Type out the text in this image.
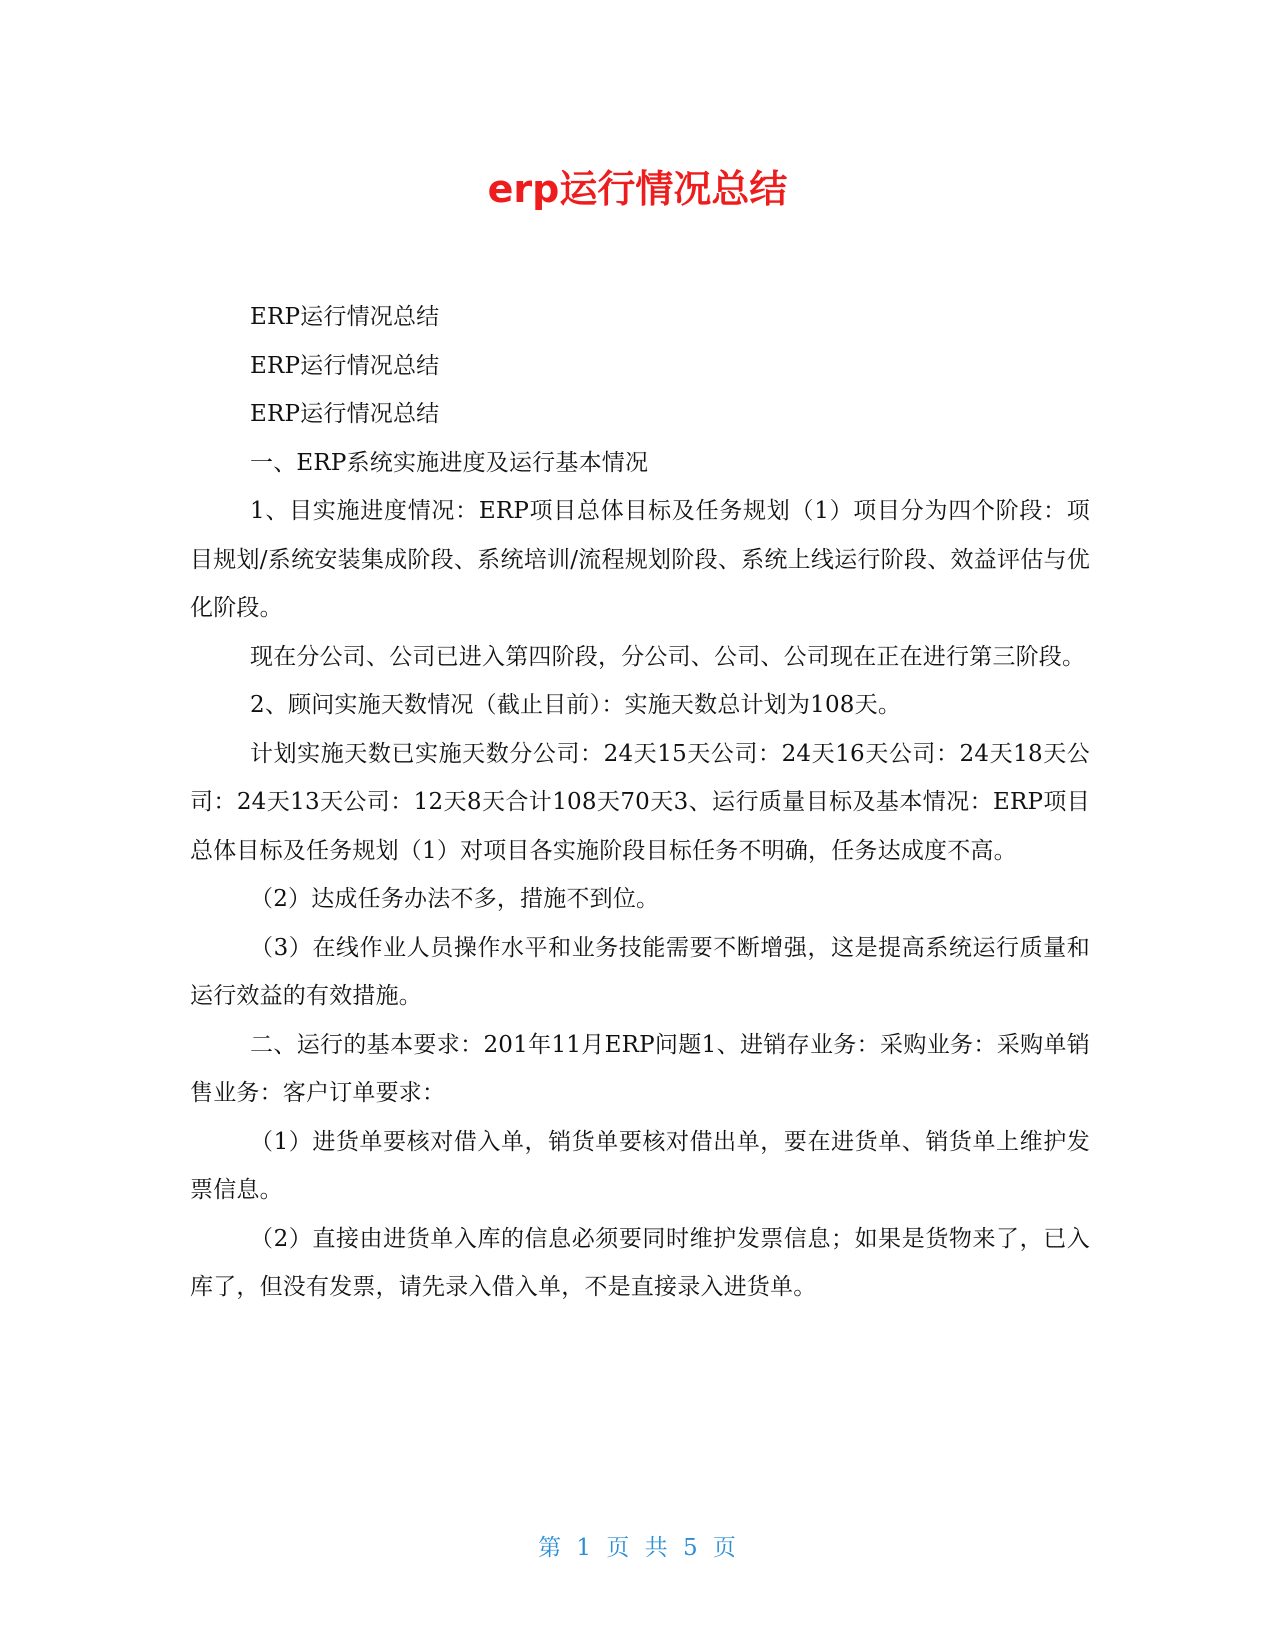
erp运行情况总结

ERP运行情况总结

ERP运行情况总结

ERP运行情况总结

一、ERP系统实施进度及运行基本情况

1、目实施进度情况：ERP项目总体目标及任务规划（1）项目分为四个阶段：项目规划/系统安装集成阶段、系统培训/流程规划阶段、系统上线运行阶段、效益评估与优化阶段。

现在分公司、公司已进入第四阶段，分公司、公司、公司现在正在进行第三阶段。

2、顾问实施天数情况（截止目前）：实施天数总计划为108天。

计划实施天数已实施天数分公司：24天15天公司：24天16天公司：24天18天公司：24天13天公司：12天8天合计108天70天3、运行质量目标及基本情况：ERP项目总体目标及任务规划（1）对项目各实施阶段目标任务不明确，任务达成度不高。

（2）达成任务办法不多，措施不到位。

（3）在线作业人员操作水平和业务技能需要不断增强，这是提高系统运行质量和运行效益的有效措施。

二、运行的基本要求：201年11月ERP问题1、进销存业务：采购业务：采购单销售业务：客户订单要求：

（1）进货单要核对借入单，销货单要核对借出单，要在进货单、销货单上维护发票信息。

（2）直接由进货单入库的信息必须要同时维护发票信息；如果是货物来了，已入库了，但没有发票，请先录入借入单，不是直接录入进货单。

第 1 页 共 5 页
